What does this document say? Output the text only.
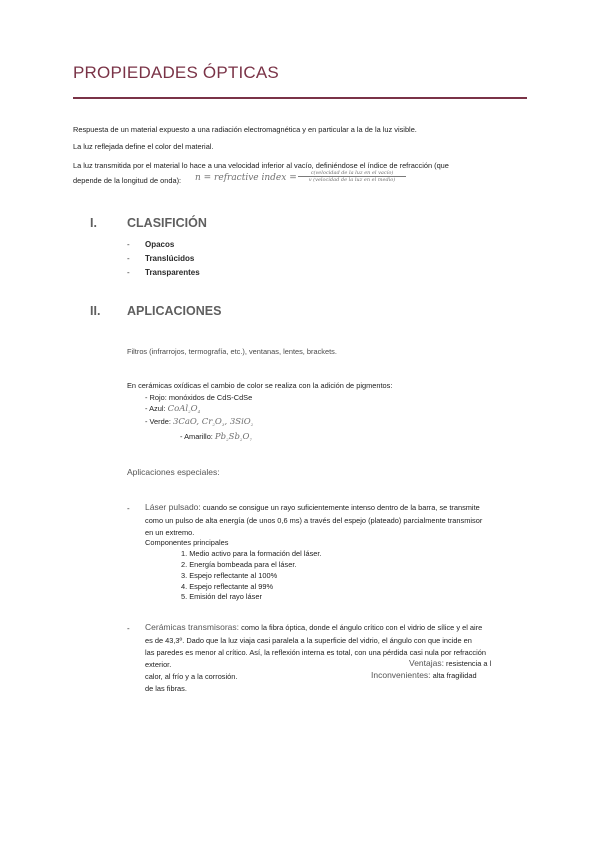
PROPIEDADES ÓPTICAS
Respuesta de un material expuesto a una radiación electromagnética y en particular a la de la luz visible.
La luz reflejada define el color del material.
La luz transmitida por el material lo hace a una velocidad inferior al vacío, definiéndose el índice de refracción (que
depende de la longitud de onda): n = refractive index =	c(velocidad de la luz en el vacío)
v (velocidad de la luz en el medio)
I. CLASIFICIÓN
- Opacos
- Translúcidos
- Transparentes
II. APLICACIONES
Filtros (infrarrojos, termografía, etc.), ventanas, lentes, brackets.
En cerámicas oxídicas el cambio de color se realiza con la adición de pigmentos:
- Rojo: monóxidos de CdS-CdSe
- Azul: $CoAl_2O_4$
- Verde: 3CaO, $Cr_2O_3$, 3SiO$_2$
- Amarillo: $Pb_2Sb_2O_7$
Aplicaciones especiales:
- Láser pulsado: cuando se consigue un rayo suficientemente intenso dentro de la barra, se transmite
como un pulso de alta energía (de unos 0,6 ms) a través del espejo (plateado) parcialmente transmisor
en un extremo.
Componentes principales
1. Medio activo para la formación del láser.
2. Energía bombeada para el láser.
3. Espejo reflectante al 100%
4. Espejo reflectante al 99%
5. Emisión del rayo láser
- Cerámicas transmisoras: como la fibra óptica, donde el ángulo crítico con el vidrio de sílice y el aire
es de 43,3º. Dado que la luz viaja casi paralela a la superficie del vidrio, el ángulo con que incide en
las paredes es menor al crítico. Así, la reflexión interna es total, con una pérdida casi nula por refracción
exterior.	Ventajas: resistencia a l
calor, al frío y a la corrosión.	Inconvenientes: alta fragilidad
de las fibras.
